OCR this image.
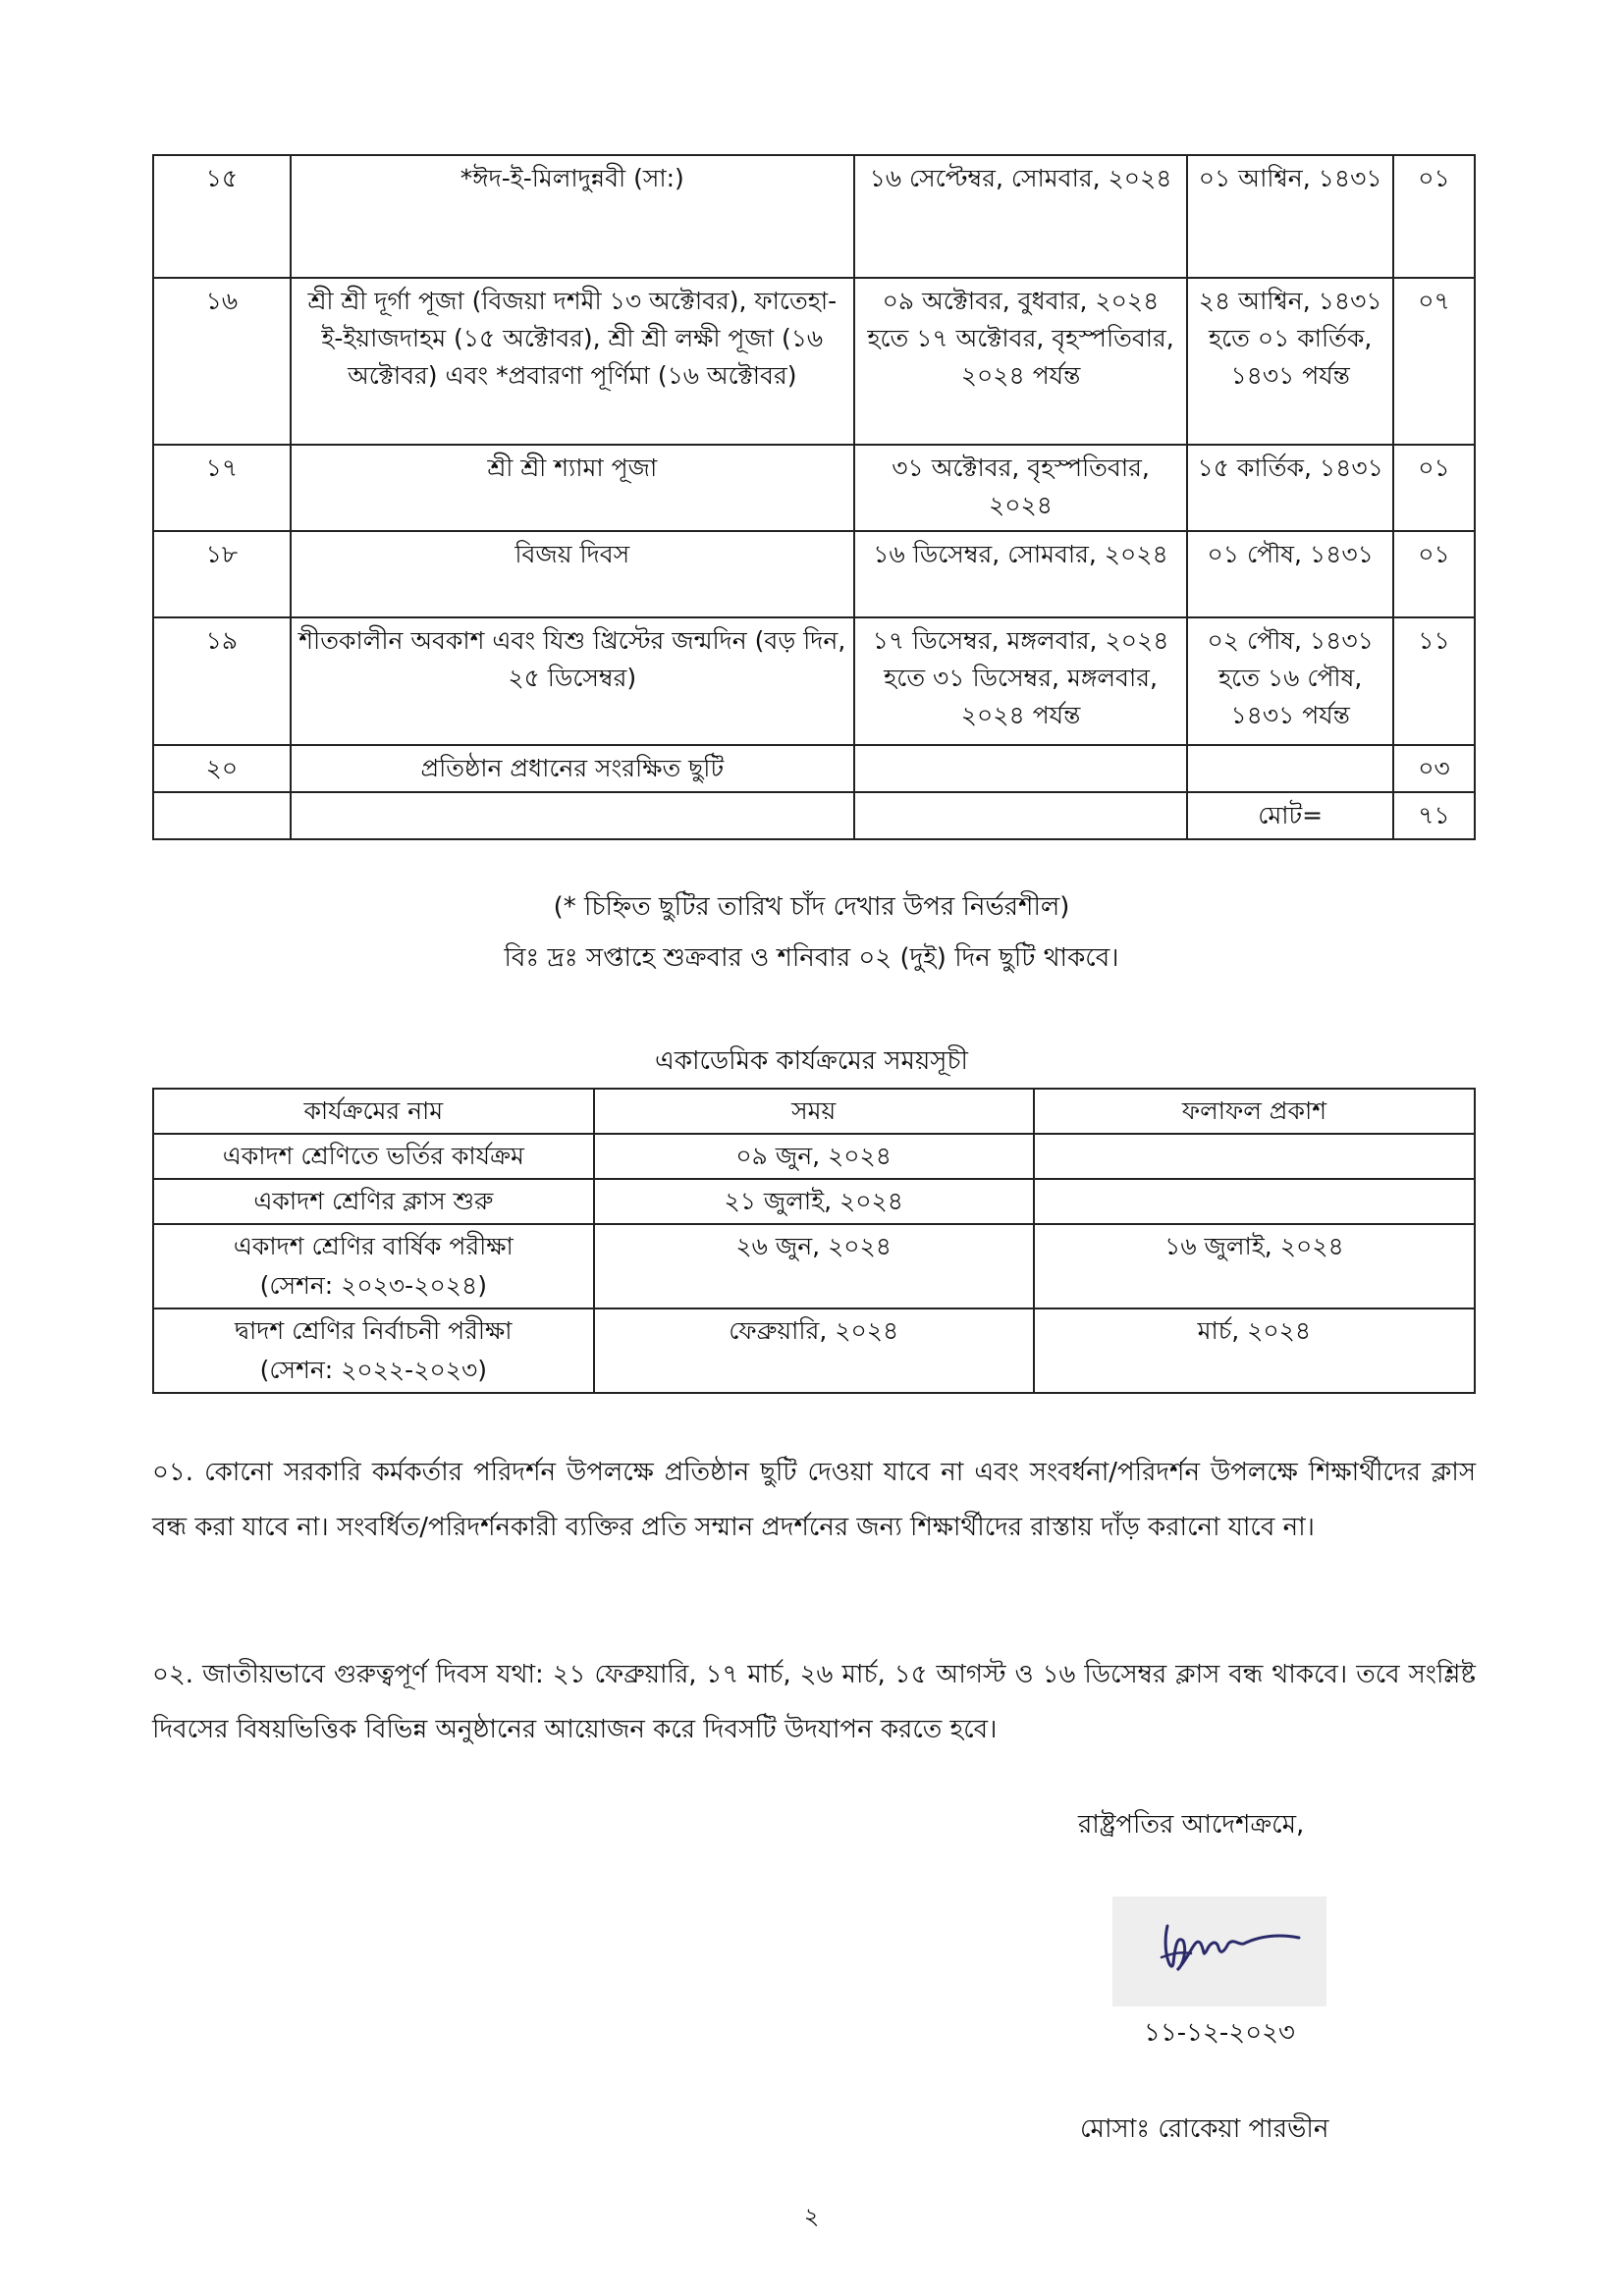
১৫	*ঈদ-ই-মিলাদুন্নবী (সা:)	১৬ সেপ্টেম্বর, সোমবার, ২০২৪	০১ আশ্বিন, ১৪৩১	০১
১৬	শ্রী শ্রী দূর্গা পূজা (বিজয়া দশমী ১৩ অক্টোবর), ফাতেহা-ই-ইয়াজদাহম (১৫ অক্টোবর), শ্রী শ্রী লক্ষী পূজা (১৬ অক্টোবর) এবং *প্রবারণা পূর্ণিমা (১৬ অক্টোবর)	০৯ অক্টোবর, বুধবার, ২০২৪ হতে ১৭ অক্টোবর, বৃহস্পতিবার, ২০২৪ পর্যন্ত	২৪ আশ্বিন, ১৪৩১ হতে ০১ কার্তিক, ১৪৩১ পর্যন্ত	০৭
১৭	শ্রী শ্রী শ্যামা পূজা	৩১ অক্টোবর, বৃহস্পতিবার, ২০২৪	১৫ কার্তিক, ১৪৩১	০১
১৮	বিজয় দিবস	১৬ ডিসেম্বর, সোমবার, ২০২৪	০১ পৌষ, ১৪৩১	০১
১৯	শীতকালীন অবকাশ এবং যিশু খ্রিস্টের জন্মদিন (বড় দিন, ২৫ ডিসেম্বর)	১৭ ডিসেম্বর, মঙ্গলবার, ২০২৪ হতে ৩১ ডিসেম্বর, মঙ্গলবার, ২০২৪ পর্যন্ত	০২ পৌষ, ১৪৩১ হতে ১৬ পৌষ, ১৪৩১ পর্যন্ত	১১
২০	প্রতিষ্ঠান প্রধানের সংরক্ষিত ছুটি			০৩
			মোট=	৭১
(* চিহ্নিত ছুটির তারিখ চাঁদ দেখার উপর নির্ভরশীল)
বিঃ দ্রঃ সপ্তাহে শুক্রবার ও শনিবার ০২ (দুই) দিন ছুটি থাকবে।
একাডেমিক কার্যক্রমের সময়সূচী
কার্যক্রমের নাম	সময়	ফলাফল প্রকাশ
একাদশ শ্রেণিতে ভর্তির কার্যক্রম	০৯ জুন, ২০২৪	
একাদশ শ্রেণির ক্লাস শুরু	২১ জুলাই, ২০২৪	
একাদশ শ্রেণির বার্ষিক পরীক্ষা (সেশন: ২০২৩-২০২৪)	২৬ জুন, ২০২৪	১৬ জুলাই, ২০২৪
দ্বাদশ শ্রেণির নির্বাচনী পরীক্ষা (সেশন: ২০২২-২০২৩)	ফেব্রুয়ারি, ২০২৪	মার্চ, ২০২৪
০১. কোনো সরকারি কর্মকর্তার পরিদর্শন উপলক্ষে প্রতিষ্ঠান ছুটি দেওয়া যাবে না এবং সংবর্ধনা/পরিদর্শন উপলক্ষে শিক্ষার্থীদের ক্লাস বন্ধ করা যাবে না। সংবর্ধিত/পরিদর্শনকারী ব্যক্তির প্রতি সম্মান প্রদর্শনের জন্য শিক্ষার্থীদের রাস্তায় দাঁড় করানো যাবে না।
০২. জাতীয়ভাবে গুরুত্বপূর্ণ দিবস যথা: ২১ ফেব্রুয়ারি, ১৭ মার্চ, ২৬ মার্চ, ১৫ আগস্ট ও ১৬ ডিসেম্বর ক্লাস বন্ধ থাকবে। তবে সংশ্লিষ্ট দিবসের বিষয়ভিত্তিক বিভিন্ন অনুষ্ঠানের আয়োজন করে দিবসটি উদযাপন করতে হবে।
রাষ্ট্রপতির আদেশক্রমে,
১১-১২-২০২৩
মোসাঃ রোকেয়া পারভীন
২
